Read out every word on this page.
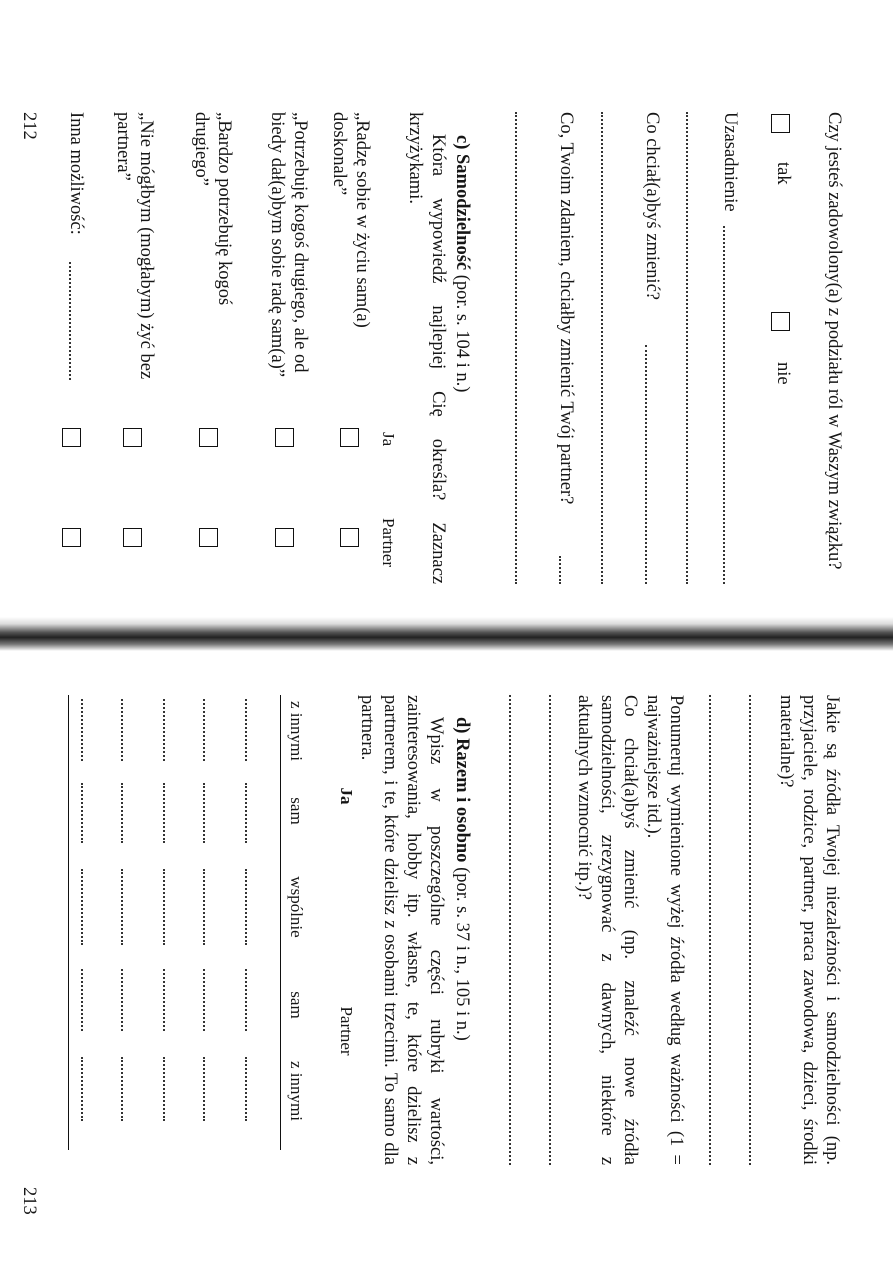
Czy jesteś zadowolony(a) z podziału ról w Waszym związku?
tak
nie
Uzasadnienie
Co chciał(a)byś zmienić?
Co, Twoim zdaniem, chciałby zmienić Twój partner?
c) Samodzielność (por. s. 104 i n.)
Która wypowiedź najlepiej Cię określa? Zaznacz krzyżykami.
Ja
Partner
„Radzę sobie w życiu sam(a) doskonale”
„Potrzebuję kogoś drugiego, ale od biedy dał(a)bym sobie radę sam(a)”
„Bardzo potrzebuję kogoś drugiego”
„Nie mógłbym (mogłabym) żyć bez partnera”
Inna możliwość:
212
Jakie są źródła Twojej niezależności i samodzielności (np. przyjaciele, rodzice, partner, praca zawodowa, dzieci, środki materialne)?
Ponumeruj wymienione wyżej źródła według ważności (1 = najważniejsze itd.).
Co chciał(a)byś zmienić (np. znaleźć nowe źródła samodzielności, zrezygnować z dawnych, niektóre z aktualnych wzmocnić itp.)?
d) Razem i osobno (por. s. 37 i n., 105 i n.)
Wpisz w poszczególne części rubryki wartości, zainteresowania, hobby itp. własne, te, które dzielisz z partnerem, i te, które dzielisz z osobami trzecimi. To samo dla partnera.
Ja
Partner
z innymi
sam
wspólnie
sam
z innymi
213
